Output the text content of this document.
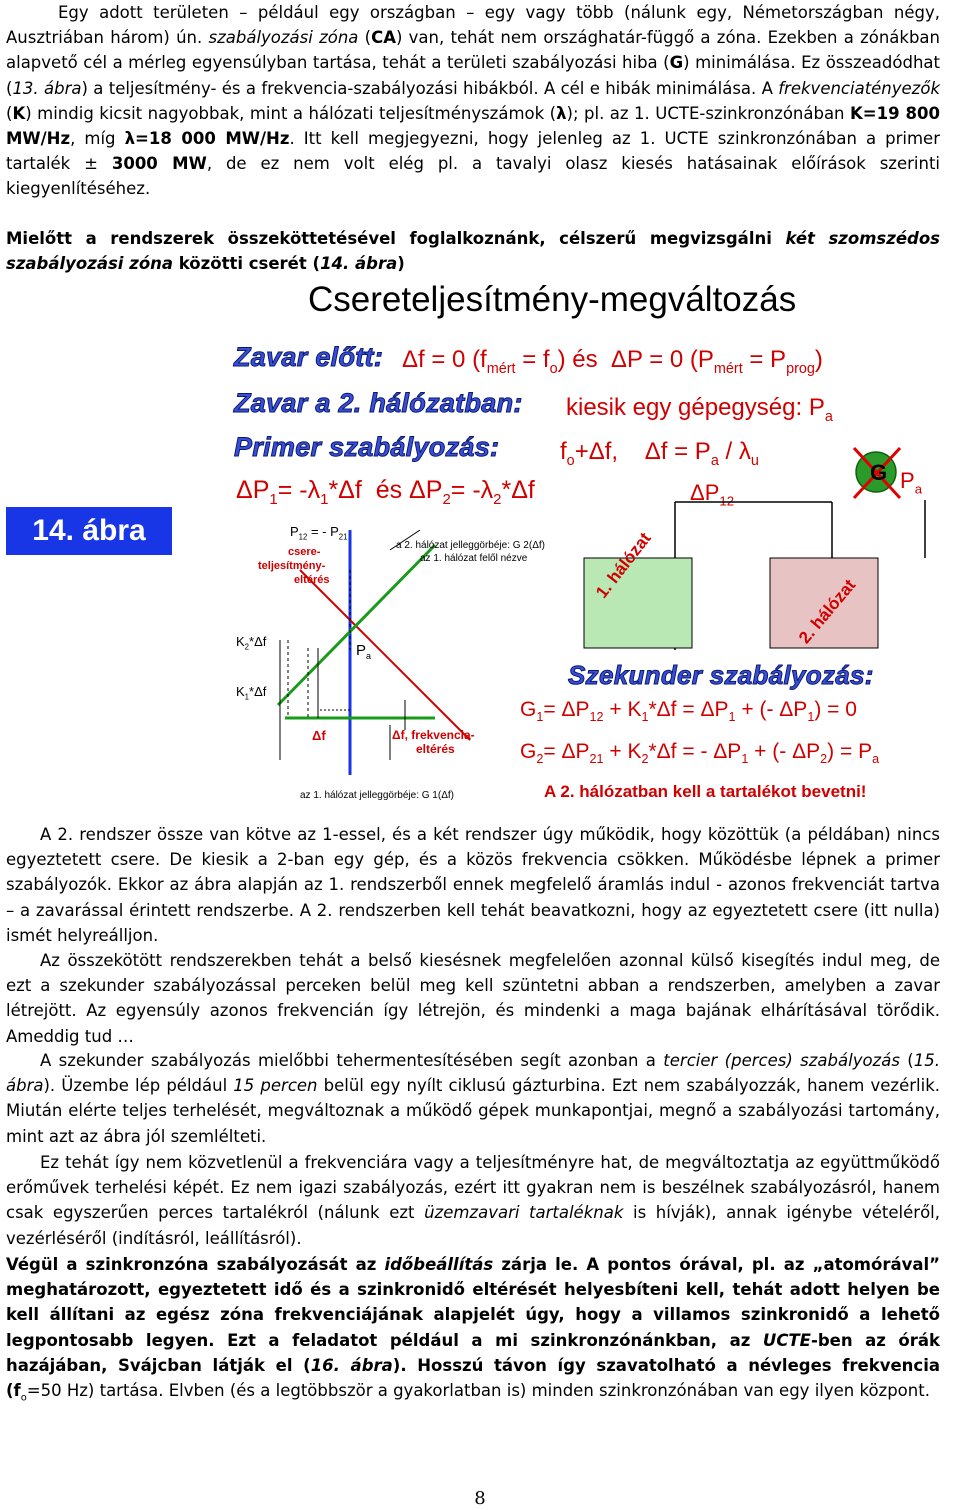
Egy adott területen – például egy országban – egy vagy több (nálunk egy, Németországban négy, Ausztriában három) ún. szabályozási zóna (CA) van, tehát nem országhatár-függő a zóna. Ezekben a zónákban alapvető cél a mérleg egyensúlyban tartása, tehát a területi szabályozási hiba (G) minimálása. Ez összeadódhat (13. ábra) a teljesítmény- és a frekvencia-szabályozási hibákból. A cél e hibák minimálása. A frekvenciatényezők (K) mindig kicsit nagyobbak, mint a hálózati teljesítményszámok (λ); pl. az 1. UCTE-szinkronzónában K=19 800 MW/Hz, míg λ=18 000 MW/Hz. Itt kell megjegyezni, hogy jelenleg az 1. UCTE szinkronzónában a primer tartalék ± 3000 MW, de ez nem volt elég pl. a tavalyi olasz kiesés hatásainak előírások szerinti kiegyenlítéséhez.
Mielőtt a rendszerek összeköttetésével foglalkoznánk, célszerű megvizsgálni két szomszédos szabályozási zóna közötti cserét (14. ábra)
Csereteljesítmény-megváltozás
Zavar előtt: Δf = 0 $(f_{mért} = f_o)$ és  ΔP = 0 $(P_{mért} = P_{prog})$
Zavar a 2. hálózatban: kiesik egy gépegység: $P_a$
Primer szabályozás:	$f_o+\Delta f$,    $\Delta f = P_a / \lambda_u$
$\Delta P_1= -\lambda_1*\Delta f$  és $\Delta P_2= -\lambda_2*\Delta f$	$\Delta P_{12}$
14. ábra
G $P_a$
1. hálózat
2. hálózat
$P_{12}$ = - $P_{21}$
csere-
teljesítmény-
eltérés
$K_2*\Delta f$
$K_1*\Delta f$
Δf
$P_a$
Δf, frekvencia-
eltérés
a 2. hálózat jelleggörbéje: G 2(Δf)
az 1. hálózat felől nézve
az 1. hálózat jelleggörbéje: G 1(Δf)
Szekunder szabályozás:
$G_1= \Delta P_{12} + K_1*\Delta f = \Delta P_1$ + (- $\Delta P_1) = 0$
$G_2= \Delta P_{21} + K_2*\Delta f$ = - $\Delta P_1$ + (- $\Delta P_2) = P_a$
A 2. hálózatban kell a tartalékot bevetni!
A 2. rendszer össze van kötve az 1-essel, és a két rendszer úgy működik, hogy közöttük (a példában) nincs egyeztetett csere. De kiesik a 2-ban egy gép, és a közös frekvencia csökken. Működésbe lépnek a primer szabályozók. Ekkor az ábra alapján az 1. rendszerből ennek megfelelő áramlás indul - azonos frekvenciát tartva – a zavarással érintett rendszerbe. A 2. rendszerben kell tehát beavatkozni, hogy az egyeztetett csere (itt nulla) ismét helyreálljon.
Az összekötött rendszerekben tehát a belső kiesésnek megfelelően azonnal külső kisegítés indul meg, de ezt a szekunder szabályozással perceken belül meg kell szüntetni abban a rendszerben, amelyben a zavar létrejött. Az egyensúly azonos frekvencián így létrejön, és mindenki a maga bajának elhárításával törődik. Ameddig tud …
A szekunder szabályozás mielőbbi tehermentesítésében segít azonban a tercier (perces) szabályozás (15. ábra). Üzembe lép például 15 percen belül egy nyílt ciklusú gázturbina. Ezt nem szabályozzák, hanem vezérlik. Miután elérte teljes terhelését, megváltoznak a működő gépek munkapontjai, megnő a szabályozási tartomány, mint azt az ábra jól szemlélteti.
Ez tehát így nem közvetlenül a frekvenciára vagy a teljesítményre hat, de megváltoztatja az együttműködő erőművek terhelési képét. Ez nem igazi szabályozás, ezért itt gyakran nem is beszélnek szabályozásról, hanem csak egyszerűen perces tartalékról (nálunk ezt üzemzavari tartaléknak is hívják), annak igénybe vételéről, vezérléséről (indításról, leállításról).
Végül a szinkronzóna szabályozását az időbeállítás zárja le. A pontos órával, pl. az „atomórával” meghatározott, egyeztetett idő és a szinkronidő eltérését helyesbíteni kell, tehát adott helyen be kell állítani az egész zóna frekvenciájának alapjelét úgy, hogy a villamos szinkronidő a lehető legpontosabb legyen. Ezt a feladatot például a mi szinkronzónánkban, az UCTE-ben az órák hazájában, Svájcban látják el (16. ábra). Hosszú távon így szavatolható a névleges frekvencia ($f_o=50$ Hz) tartása. Elvben (és a legtöbbször a gyakorlatban is) minden szinkronzónában van egy ilyen központ.
8
